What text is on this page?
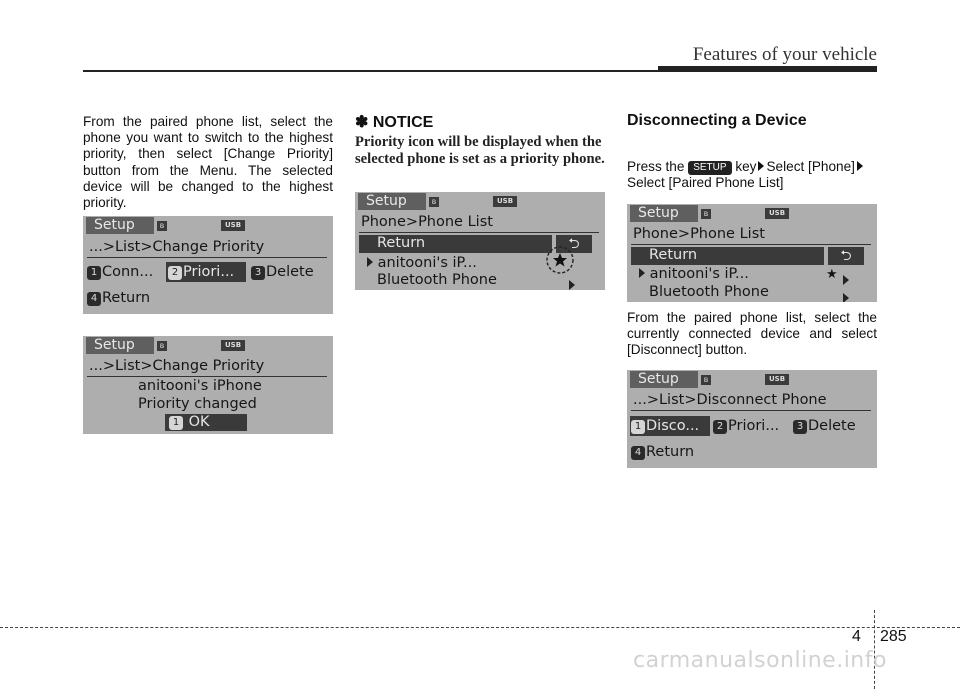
Features of your vehicle
From the paired phone list, select the phone you want to switch to the highest priority, then select [Change Priority] button from the Menu. The selected device will be changed to the highest priority.
Setup	ʙ	USB
...>List>Change Priority
1 Conn...	2 Priori...	3 Delete
4 Return
Setup	ʙ	USB
...>List>Change Priority
anitooni's iPhone
Priority changed
1 OK
✽ NOTICE
Priority icon will be displayed when the selected phone is set as a priority phone.
Setup	ʙ	USB
Phone>Phone List
Return	⮌
anitooni's iP...
Bluetooth Phone
Disconnecting a Device
Press the SETUP key Select [Phone]Select [Paired Phone List]
Setup	ʙ	USB
Phone>Phone List
Return	⮌
anitooni's iP...	★
Bluetooth Phone
From the paired phone list, select the currently connected device and select [Disconnect] button.
Setup	ʙ	USB
...>List>Disconnect Phone
1 Disco...	2 Priori...	3 Delete
4 Return
4 285
carmanualsonline.info
